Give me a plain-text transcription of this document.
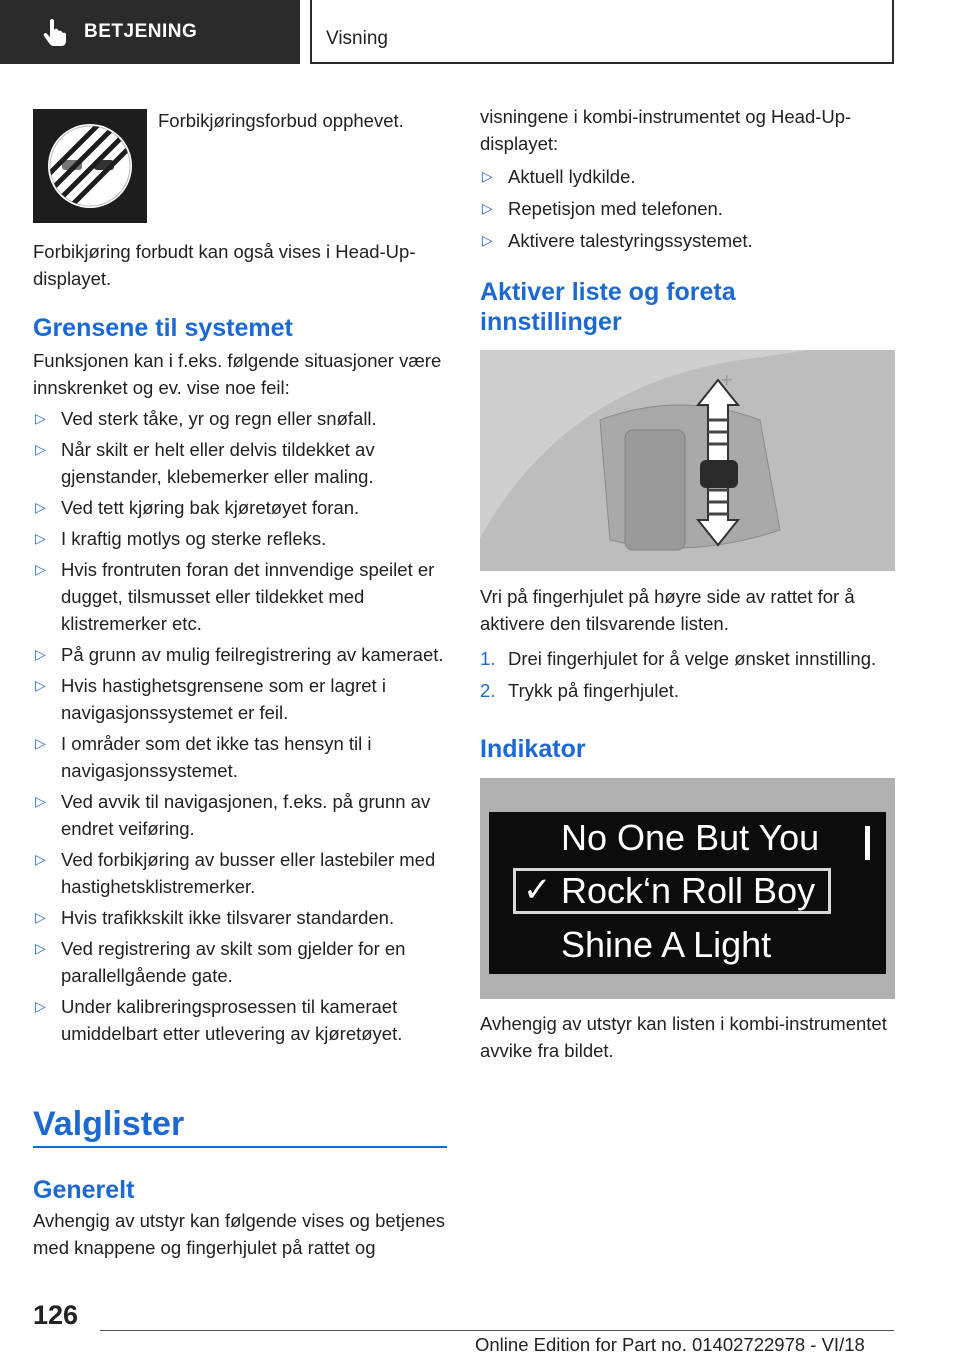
BETJENING	Visning
Forbikjøringsforbud opphevet.

Forbikjøring forbudt kan også vises i Head-Up-displayet.

Grensene til systemet

Funksjonen kan i f.eks. følgende situasjoner være innskrenket og ev. vise noe feil:

▷ Ved sterk tåke, yr og regn eller snøfall.
▷ Når skilt er helt eller delvis tildekket av gjenstander, klebemerker eller maling.
▷ Ved tett kjøring bak kjøretøyet foran.
▷ I kraftig motlys og sterke refleks.
▷ Hvis frontruten foran det innvendige speilet er dugget, tilsmusset eller tildekket med klistremerker etc.
▷ På grunn av mulig feilregistrering av kameraet.
▷ Hvis hastighetsgrensene som er lagret i navigasjonssystemet er feil.
▷ I områder som det ikke tas hensyn til i navigasjonssystemet.
▷ Ved avvik til navigasjonen, f.eks. på grunn av endret veiføring.
▷ Ved forbikjøring av busser eller lastebiler med hastighetsklistremerker.
▷ Hvis trafikkskilt ikke tilsvarer standarden.
▷ Ved registrering av skilt som gjelder for en parallellgående gate.
▷ Under kalibreringsprosessen til kameraet umiddelbart etter utlevering av kjøretøyet.
Valglister
Generelt

Avhengig av utstyr kan følgende vises og betjenes med knappene og fingerhjulet på rattet og

visningene i kombi-instrumentet og Head-Up-displayet:

▷ Aktuell lydkilde.
▷ Repetisjon med telefonen.
▷ Aktivere talestyringssystemet.
Aktiver liste og foreta innstillinger
+

Vri på fingerhjulet på høyre side av rattet for å aktivere den tilsvarende listen.

1. Drei fingerhjulet for å velge ønsket innstilling.
2. Trykk på fingerhjulet.
Indikator
No One But You
✓ Rock‘n Roll Boy
Shine A Light

Avhengig av utstyr kan listen i kombi-instrumentet avvike fra bildet.

126
Online Edition for Part no. 01402722978 - VI/18
